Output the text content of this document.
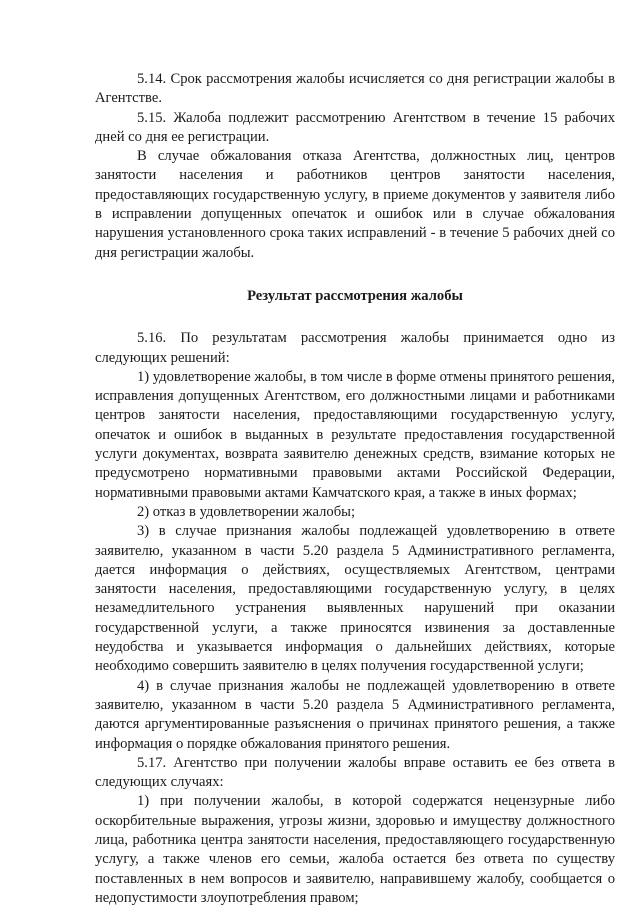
5.14. Срок рассмотрения жалобы исчисляется со дня регистрации жалобы в Агентстве.

5.15. Жалоба подлежит рассмотрению Агентством в течение 15 рабочих дней со дня ее регистрации.

В случае обжалования отказа Агентства, должностных лиц, центров занятости населения и работников центров занятости населения, предоставляющих государственную услугу, в приеме документов у заявителя либо в исправлении допущенных опечаток и ошибок или в случае обжалования нарушения установленного срока таких исправлений - в течение 5 рабочих дней со дня регистрации жалобы.

Результат рассмотрения жалобы

5.16. По результатам рассмотрения жалобы принимается одно из следующих решений:

1) удовлетворение жалобы, в том числе в форме отмены принятого решения, исправления допущенных Агентством, его должностными лицами и работниками центров занятости населения, предоставляющими государственную услугу, опечаток и ошибок в выданных в результате предоставления государственной услуги документах, возврата заявителю денежных средств, взимание которых не предусмотрено нормативными правовыми актами Российской Федерации, нормативными правовыми актами Камчатского края, а также в иных формах;

2) отказ в удовлетворении жалобы;

3) в случае признания жалобы подлежащей удовлетворению в ответе заявителю, указанном в части 5.20 раздела 5 Административного регламента, дается информация о действиях, осуществляемых Агентством, центрами занятости населения, предоставляющими государственную услугу, в целях незамедлительного устранения выявленных нарушений при оказании государственной услуги, а также приносятся извинения за доставленные неудобства и указывается информация о дальнейших действиях, которые необходимо совершить заявителю в целях получения государственной услуги;

4) в случае признания жалобы не подлежащей удовлетворению в ответе заявителю, указанном в части 5.20 раздела 5 Административного регламента, даются аргументированные разъяснения о причинах принятого решения, а также информация о порядке обжалования принятого решения.

5.17. Агентство при получении жалобы вправе оставить ее без ответа в следующих случаях:

1) при получении жалобы, в которой содержатся нецензурные либо оскорбительные выражения, угрозы жизни, здоровью и имуществу должностного лица, работника центра занятости населения, предоставляющего государственную услугу, а также членов его семьи, жалоба остается без ответа по существу поставленных в нем вопросов и заявителю, направившему жалобу, сообщается о недопустимости злоупотребления правом;
